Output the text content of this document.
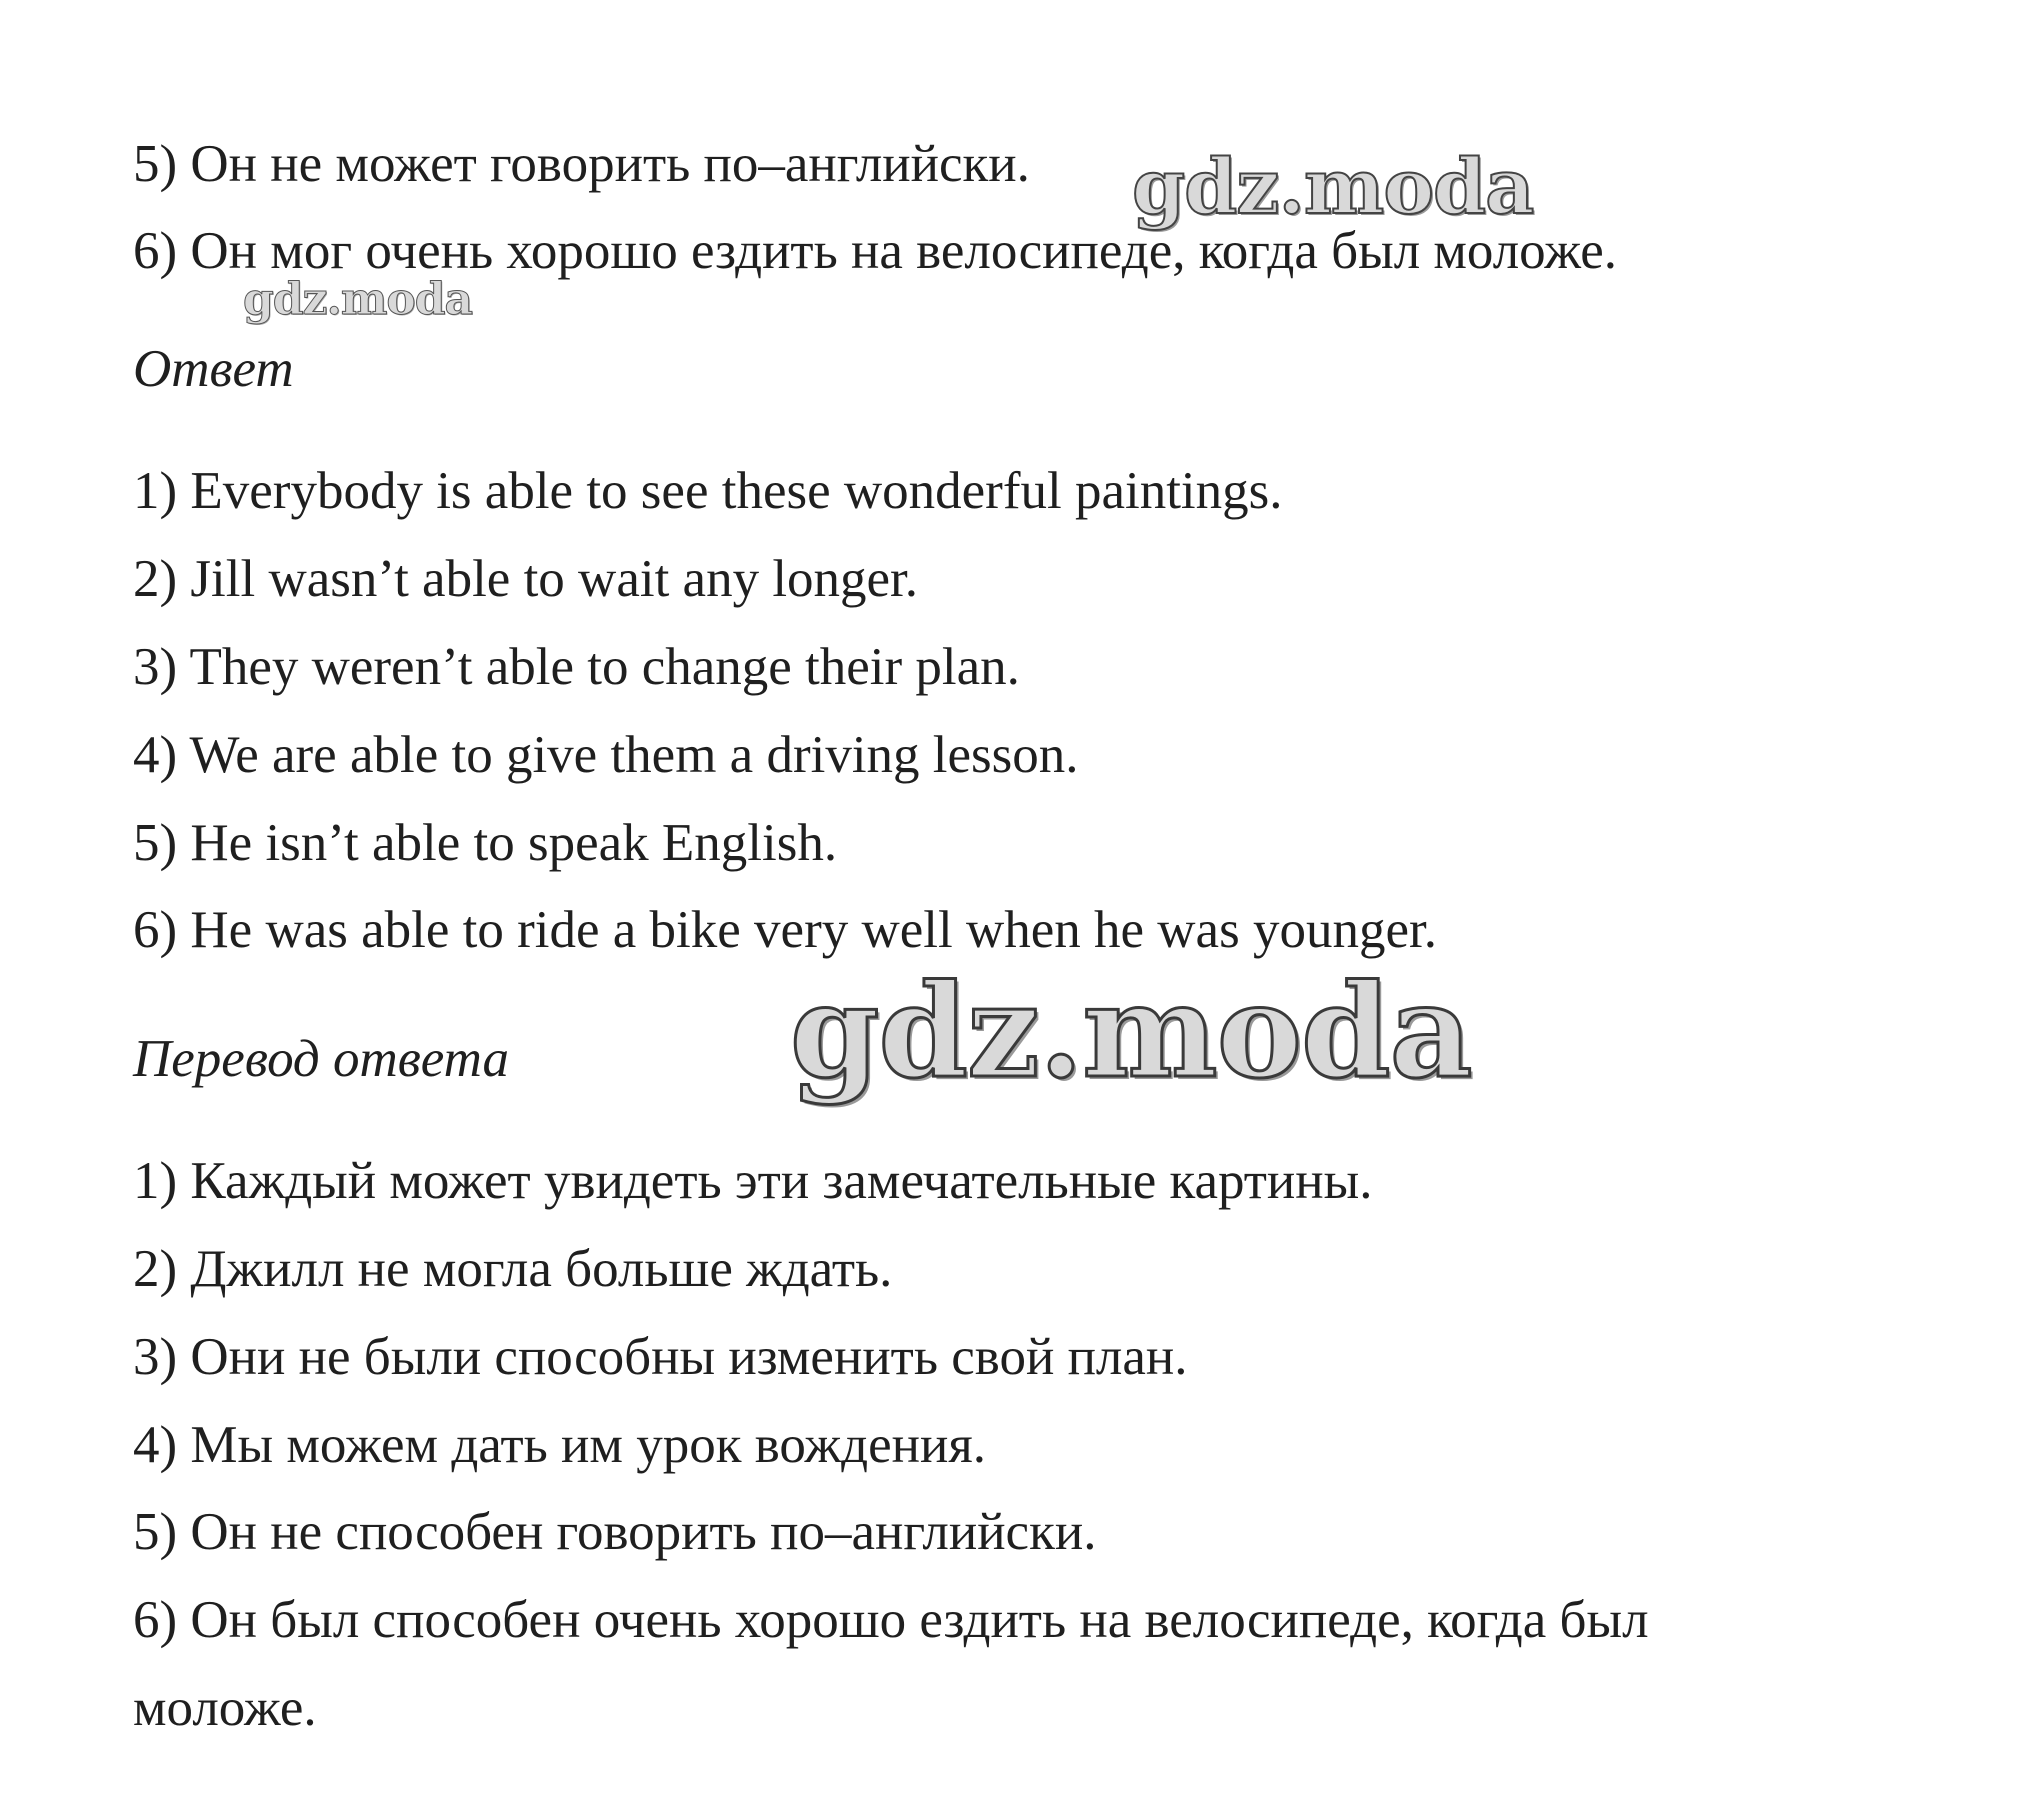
5) Он не может говорить по–английски.
6) Он мог очень хорошо ездить на велосипеде, когда был моложе.
Ответ
1) Everybody is able to see these wonderful paintings.
2) Jill wasn’t able to wait any longer.
3) They weren’t able to change their plan.
4) We are able to give them a driving lesson.
5) He isn’t able to speak English.
6) He was able to ride a bike very well when he was younger.
Перевод ответа
1) Каждый может увидеть эти замечательные картины.
2) Джилл не могла больше ждать.
3) Они не были способны изменить свой план.
4) Мы можем дать им урок вождения.
5) Он не способен говорить по–английски.
6) Он был способен очень хорошо ездить на велосипеде, когда был
моложе.
gdz.moda
gdz.moda
gdz.moda
